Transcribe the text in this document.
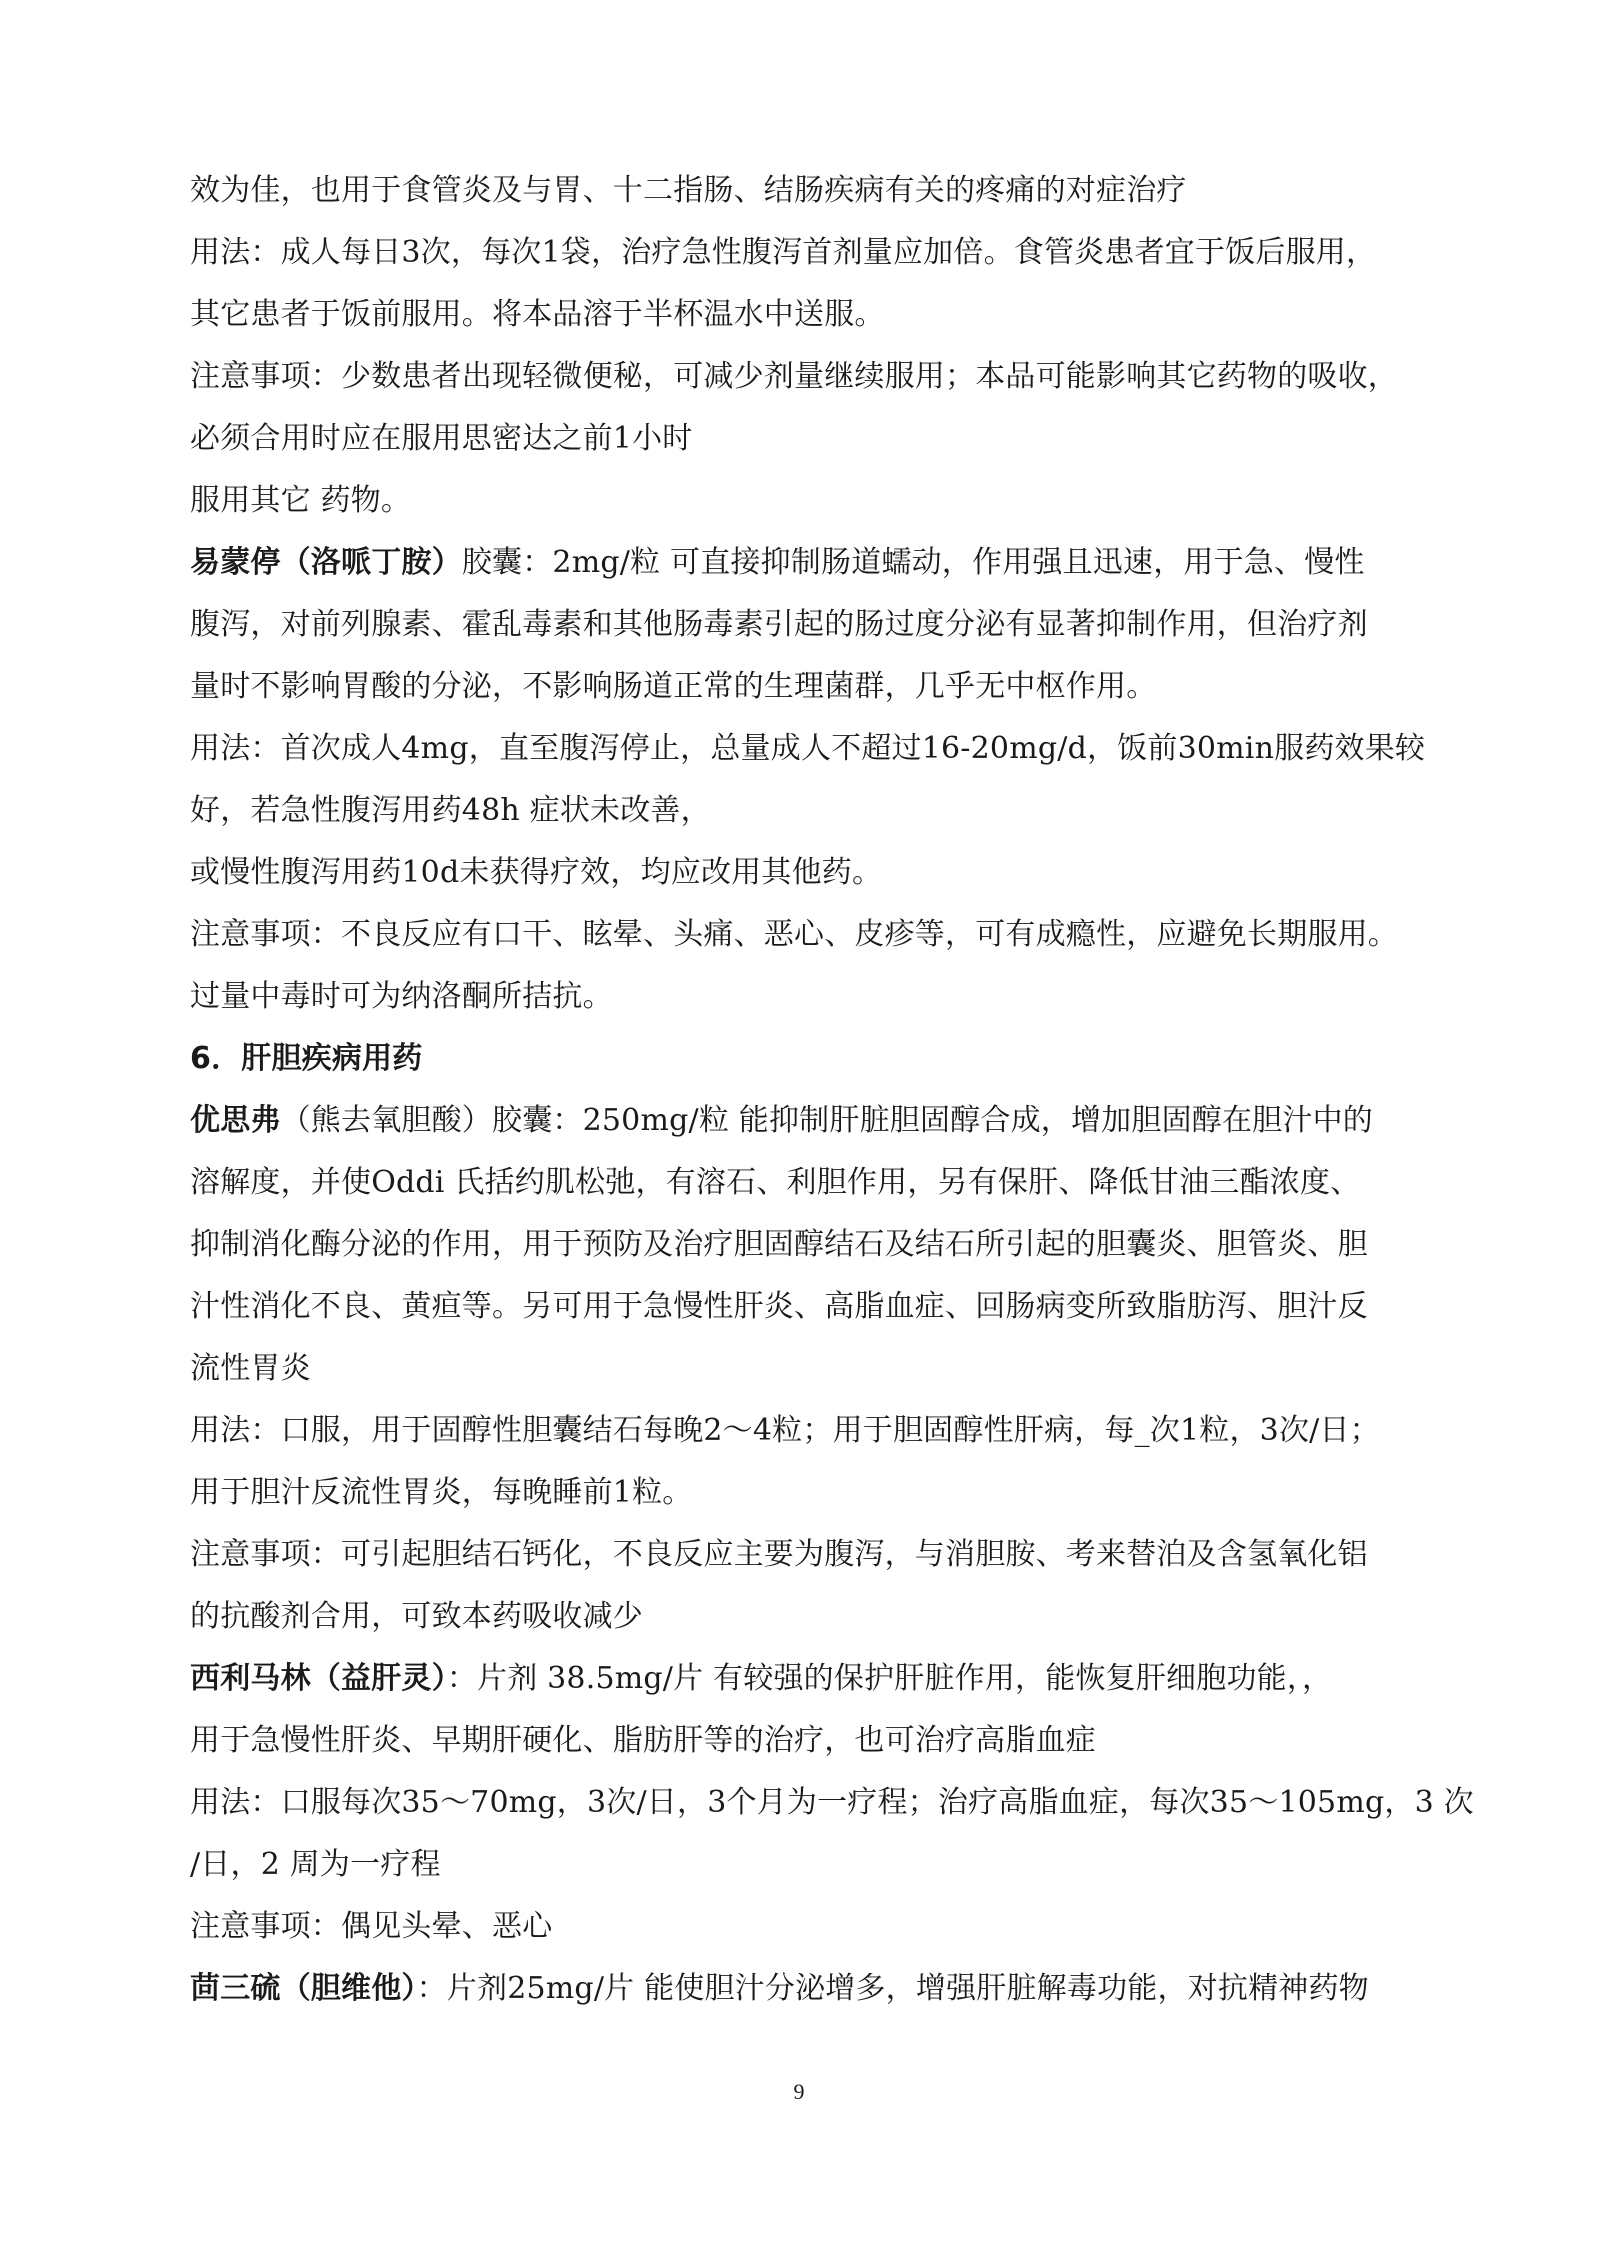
效为佳，也用于食管炎及与胃、十二指肠、结肠疾病有关的疼痛的对症治疗
用法：成人每日3次，每次1袋，治疗急性腹泻首剂量应加倍。食管炎患者宜于饭后服用，
其它患者于饭前服用。将本品溶于半杯温水中送服。
注意事项：少数患者出现轻微便秘，可减少剂量继续服用；本品可能影响其它药物的吸收，
必须合用时应在服用思密达之前1小时
服用其它 药物。
易蒙停（洛哌丁胺）胶囊：2mg/粒 可直接抑制肠道蠕动，作用强且迅速，用于急、慢性
腹泻，对前列腺素、霍乱毒素和其他肠毒素引起的肠过度分泌有显著抑制作用，但治疗剂
量时不影响胃酸的分泌，不影响肠道正常的生理菌群，几乎无中枢作用。
用法：首次成人4mg，直至腹泻停止，总量成人不超过16-20mg/d，饭前30min服药效果较
好，若急性腹泻用药48h 症状未改善，
或慢性腹泻用药10d未获得疗效，均应改用其他药。
注意事项：不良反应有口干、眩晕、头痛、恶心、皮疹等，可有成瘾性，应避免长期服用。
过量中毒时可为纳洛酮所拮抗。
6．肝胆疾病用药
优思弗（熊去氧胆酸）胶囊：250mg/粒 能抑制肝脏胆固醇合成，增加胆固醇在胆汁中的
溶解度，并使Oddi 氏括约肌松弛，有溶石、利胆作用，另有保肝、降低甘油三酯浓度、
抑制消化酶分泌的作用，用于预防及治疗胆固醇结石及结石所引起的胆囊炎、胆管炎、胆
汁性消化不良、黄疸等。另可用于急慢性肝炎、高脂血症、回肠病变所致脂肪泻、胆汁反
流性胃炎
用法：口服，用于固醇性胆囊结石每晚2～4粒；用于胆固醇性肝病，每_次1粒，3次/日；
用于胆汁反流性胃炎，每晚睡前1粒。
注意事项：可引起胆结石钙化，不良反应主要为腹泻，与消胆胺、考来替泊及含氢氧化铝
的抗酸剂合用，可致本药吸收减少
西利马林（益肝灵）：片剂 38.5mg/片 有较强的保护肝脏作用，能恢复肝细胞功能，，
用于急慢性肝炎、早期肝硬化、脂肪肝等的治疗，也可治疗高脂血症
用法：口服每次35～70mg，3次/日，3个月为一疗程；治疗高脂血症，每次35～105mg，3 次
/日，2 周为一疗程
注意事项：偶见头晕、恶心
茴三硫（胆维他）：片剂25mg/片 能使胆汁分泌增多，增强肝脏解毒功能，对抗精神药物
9
